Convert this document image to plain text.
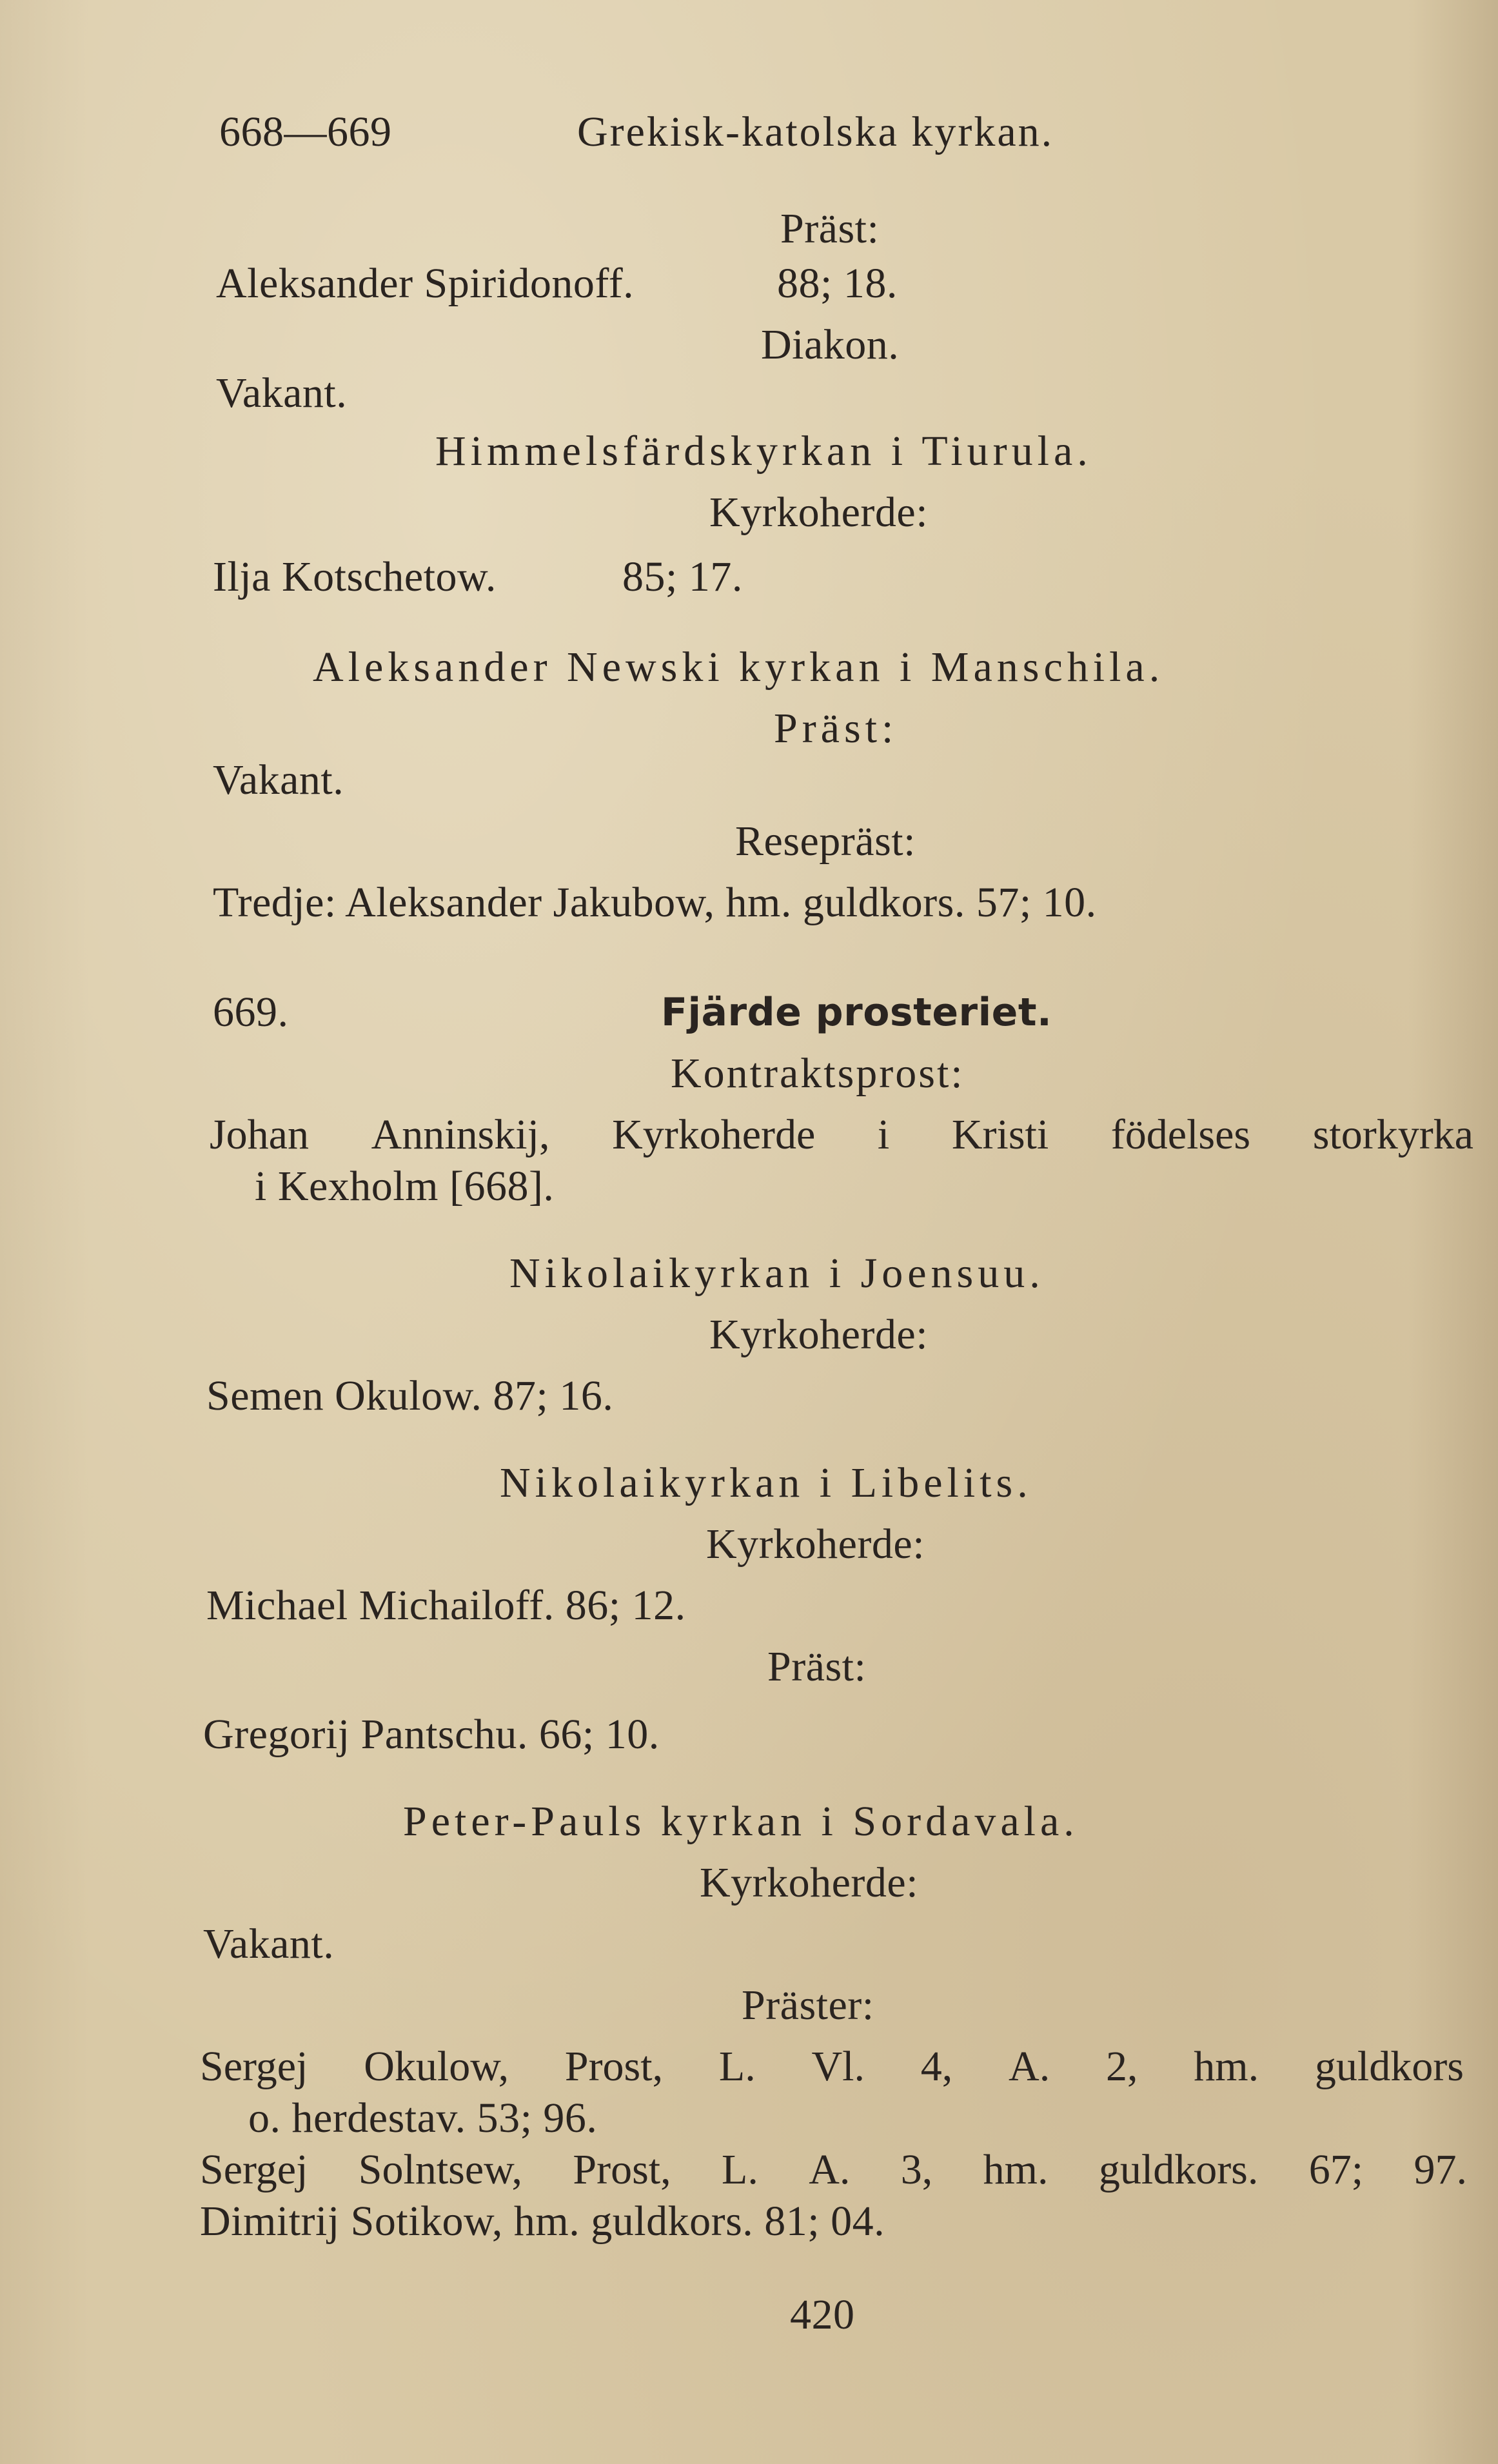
668—669	Grekisk-katolska kyrkan.
Präst:
Aleksander Spiridonoff.	88; 18.
Diakon.
Vakant.
Himmelsfärdskyrkan i Tiurula.
Kyrkoherde:
Ilja Kotschetow.	85; 17.
Aleksander Newski kyrkan i Manschila.
Präst:
Vakant.
Resepräst:
Tredje: Aleksander Jakubow, hm. guldkors. 57; 10.
669.	Fjärde prosteriet.
Kontraktsprost:
Johan Anninskij, Kyrkoherde i Kristi födelses storkyrka
i Kexholm [668].
Nikolaikyrkan i Joensuu.
Kyrkoherde:
Semen Okulow. 87; 16.
Nikolaikyrkan i Libelits.
Kyrkoherde:
Michael Michailoff. 86; 12.
Präst:
Gregorij Pantschu. 66; 10.
Peter-Pauls kyrkan i Sordavala.
Kyrkoherde:
Vakant.
Präster:
Sergej Okulow, Prost, L. Vl. 4, A. 2, hm. guldkors
o. herdestav. 53; 96.
Sergej Solntsew, Prost, L. A. 3, hm. guldkors. 67; 97.
Dimitrij Sotikow, hm. guldkors. 81; 04.
420
